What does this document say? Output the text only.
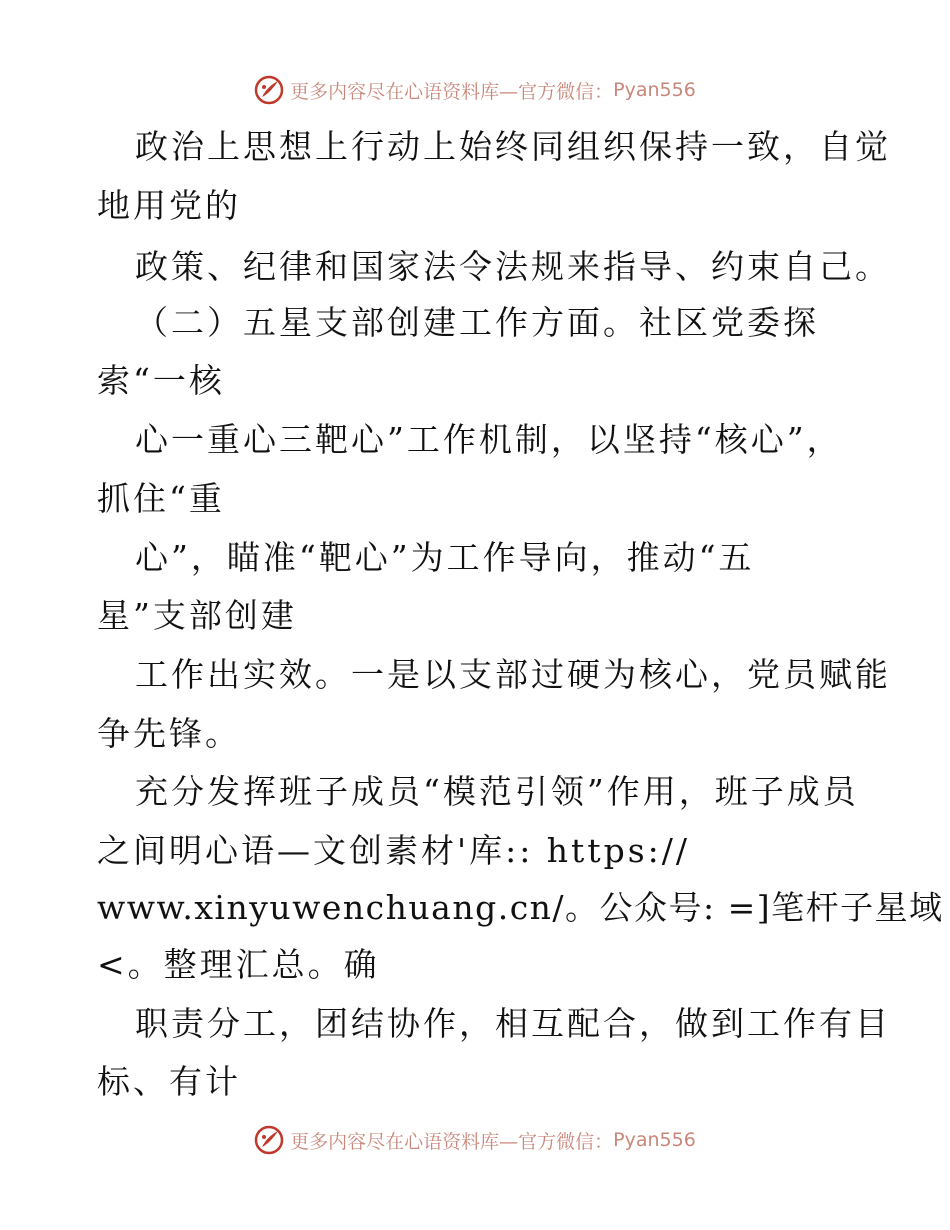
更多内容尽在心语资料库—官方微信： Pyan556
政治上思想上行动上始终同组织保持一致，自觉
地用党的
政策、纪律和国家法令法规来指导、约束自己。
（二）五星支部创建工作方面。社区党委探
索“一核
心一重心三靶心”工作机制，以坚持“核心”，
抓住“重
心”，瞄准“靶心”为工作导向，推动“五
星”支部创建
工作出实效。一是以支部过硬为核心，党员赋能
争先锋。
充分发挥班子成员“模范引领”作用，班子成员
之间明心语—文创素材'库:: https://
www.xinyuwenchuang.cn/。公众号: =]笔杆子星域
<。整理汇总。确
职责分工，团结协作，相互配合，做到工作有目
标、有计
更多内容尽在心语资料库—官方微信： Pyan556
